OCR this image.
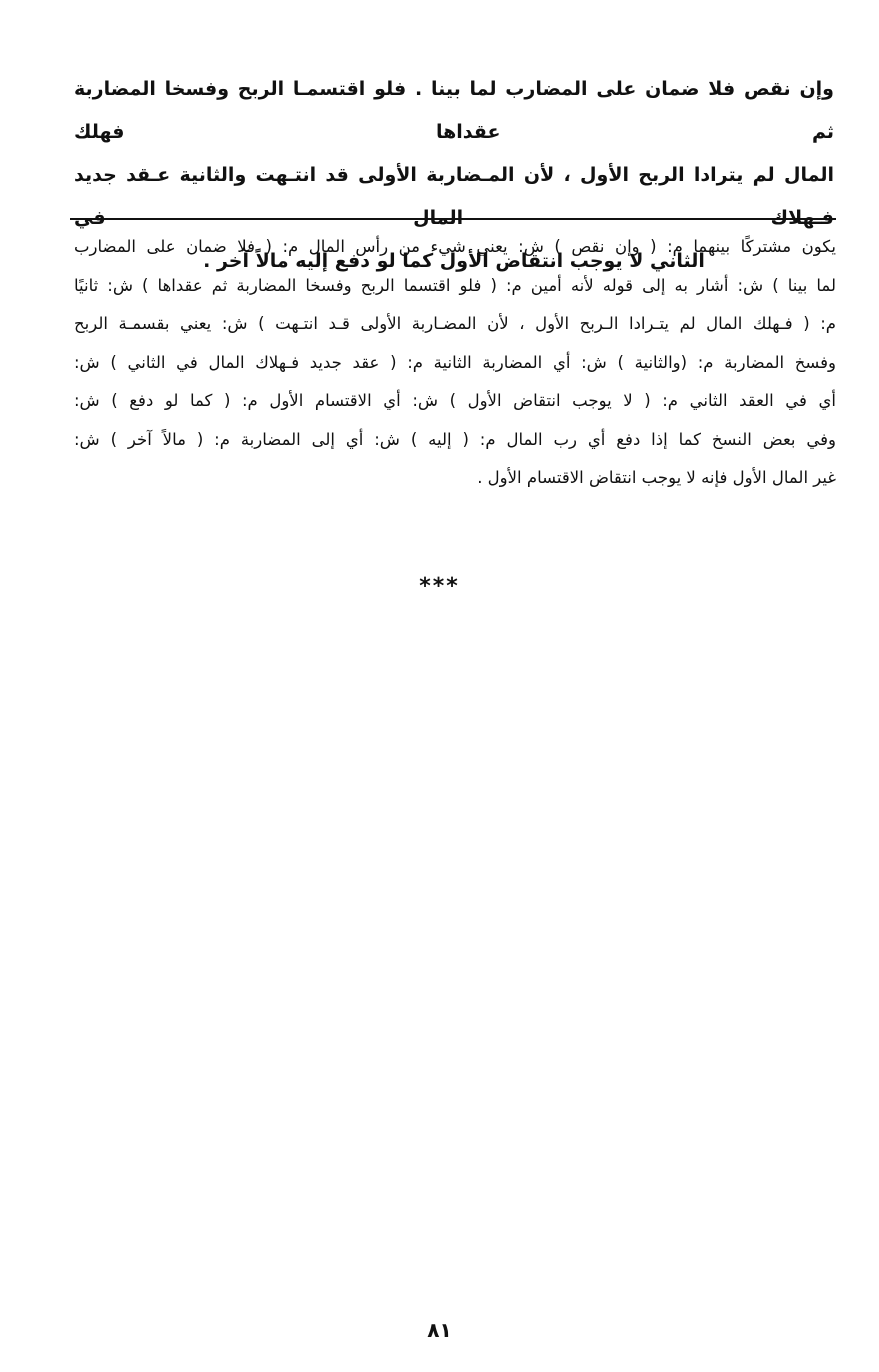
وإن نقص فلا ضمان على المضارب لما بينا . فلو اقتسمـا الربح وفسخا المضاربة ثم عقداها فهلك
المال لم يترادا الربح الأول ، لأن المـضاربة الأولى قد انتـهت والثانية عـقد جديد فـهلاك المال في
الثاني لا يوجب انتقاض الأول كما لو دفع إليه مالاً آخر .
يكون مشتركًا بينهما م: ( وإن نقص ) ش: يعني شيء من رأس المال م: ( فلا ضمان على المضارب
لما بينا ) ش: أشار به إلى قوله لأنه أمين م: ( فلو اقتسما الربح وفسخا المضاربة ثم عقداها ) ش: ثانيًا
م: ( فـهلك المال لم يتـرادا الـربح الأول ، لأن المضـاربة الأولى قـد انتـهت ) ش: يعني بقسمـة الربح
وفسخ المضاربة م: (والثانية ) ش: أي المضاربة الثانية م: ( عقد جديد فـهلاك المال في الثاني ) ش:
أي في العقد الثاني م: ( لا يوجب انتقاض الأول ) ش: أي الاقتسام الأول م: ( كما لو دفع ) ش:
وفي بعض النسخ كما إذا دفع أي رب المال م: ( إليه ) ش: أي إلى المضاربة م: ( مالاً آخر ) ش:
غير المال الأول فإنه لا يوجب انتقاض الاقتسام الأول .
***
٨١
